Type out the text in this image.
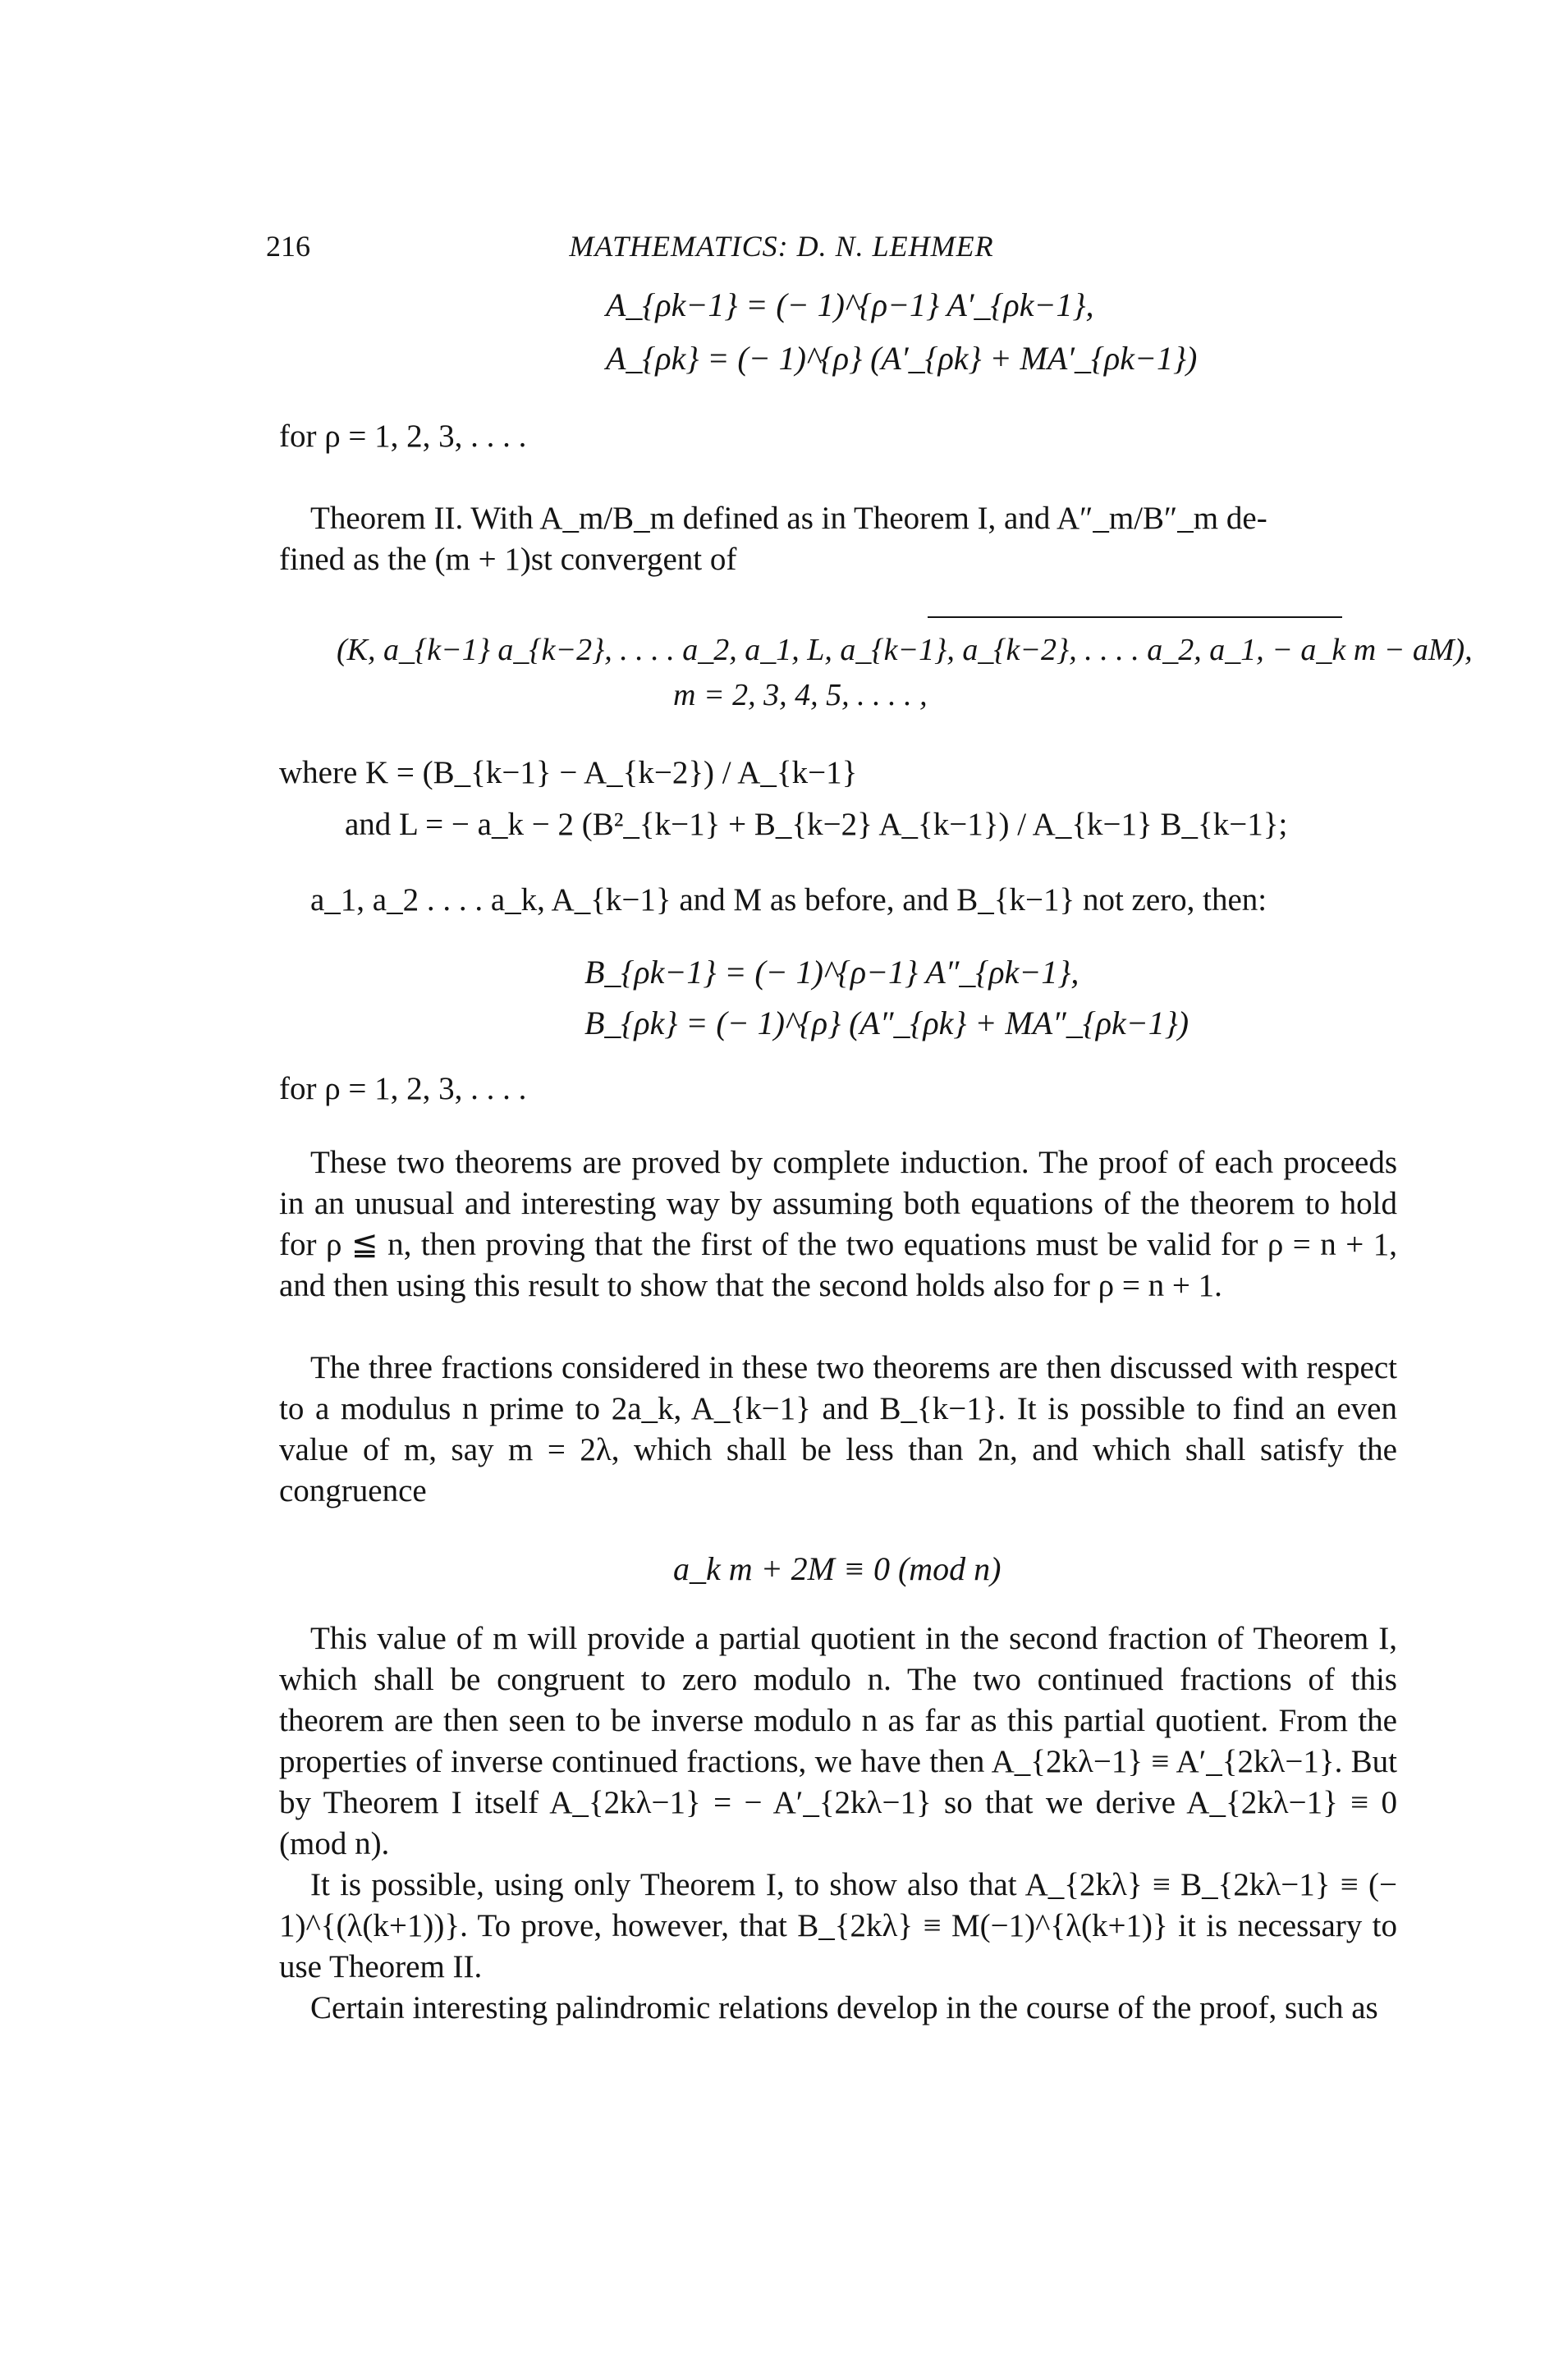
216	MATHEMATICS: D. N. LEHMER
A_{ρk−1} = (− 1)^{ρ−1} A′_{ρk−1},
A_{ρk} = (− 1)^{ρ} (A′_{ρk} + MA′_{ρk−1})
for ρ = 1, 2, 3, . . . .
Theorem II. With A_m/B_m defined as in Theorem I, and A″_m/B″_m de-
fined as the (m + 1)st convergent of
(K, a_{k−1} a_{k−2}, . . . . a_2, a_1, L, a_{k−1}, a_{k−2}, . . . . a_2, a_1, − a_k m − aM),
m = 2, 3, 4, 5, . . . . ,
where K = (B_{k−1} − A_{k−2}) / A_{k−1}
and L = − a_k − 2 (B²_{k−1} + B_{k−2} A_{k−1}) / A_{k−1} B_{k−1};
a_1, a_2 . . . . a_k, A_{k−1} and M as before, and B_{k−1} not zero, then:
B_{ρk−1} = (− 1)^{ρ−1} A″_{ρk−1},
B_{ρk} = (− 1)^{ρ} (A″_{ρk} + MA″_{ρk−1})
for ρ = 1, 2, 3, . . . .
These two theorems are proved by complete induction. The proof of each proceeds in an unusual and interesting way by assuming both equations of the theorem to hold for ρ ≦ n, then proving that the first of the two equations must be valid for ρ = n + 1, and then using this result to show that the second holds also for ρ = n + 1.
The three fractions considered in these two theorems are then discussed with respect to a modulus n prime to 2a_k, A_{k−1} and B_{k−1}. It is possible to find an even value of m, say m = 2λ, which shall be less than 2n, and which shall satisfy the congruence
a_k m + 2M ≡ 0 (mod n)
This value of m will provide a partial quotient in the second fraction of Theorem I, which shall be congruent to zero modulo n. The two continued fractions of this theorem are then seen to be inverse modulo n as far as this partial quotient. From the properties of inverse continued fractions, we have then A_{2kλ−1} ≡ A′_{2kλ−1}. But by Theorem I itself A_{2kλ−1} = − A′_{2kλ−1} so that we derive A_{2kλ−1} ≡ 0 (mod n).
It is possible, using only Theorem I, to show also that A_{2kλ} ≡ B_{2kλ−1} ≡ (− 1)^{(λ(k+1))}. To prove, however, that B_{2kλ} ≡ M(−1)^{λ(k+1)} it is necessary to use Theorem II.
Certain interesting palindromic relations develop in the course of the proof, such as
